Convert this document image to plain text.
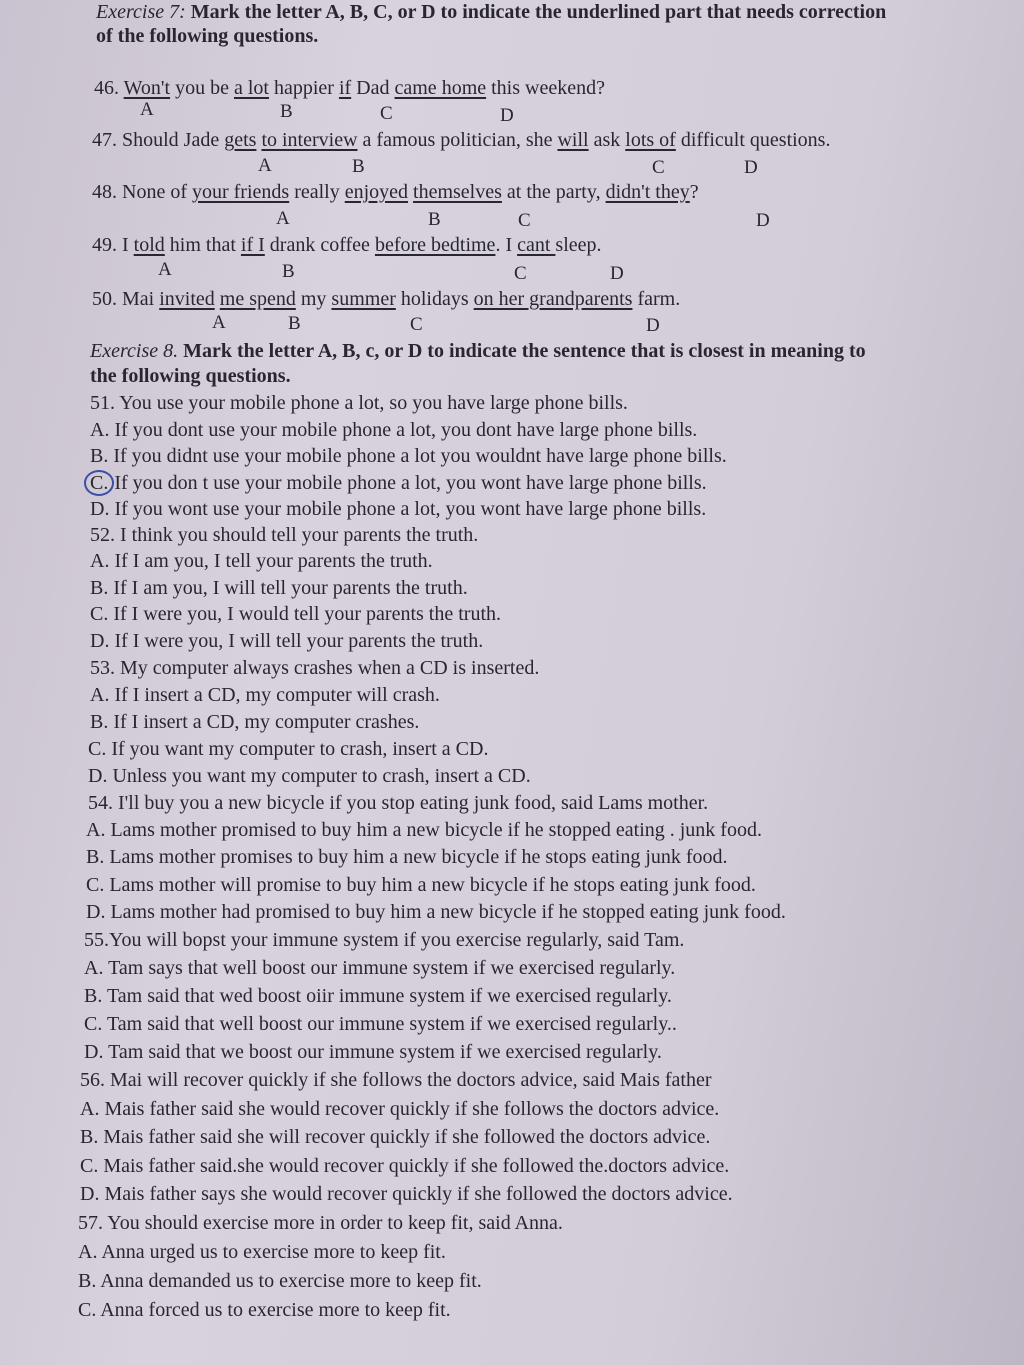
Exercise 7: Mark the letter A, B, C, or D to indicate the underlined part that needs correction
of the following questions.
46. Won't you be a lot happier if Dad came home this weekend?
A	B	C	D
47. Should Jade gets to interview a famous politician, she will ask lots of difficult questions.
A	B	C	D
48. None of your friends really enjoyed themselves at the party, didn't they?
A	B	C	D
49. I told him that if I drank coffee before bedtime. I cant sleep.
A	B	C	D
50. Mai invited me spend my summer holidays on her grandparents farm.
A	B	C	D
Exercise 8. Mark the letter A, B, c, or D to indicate the sentence that is closest in meaning to
the following questions.
51. You use your mobile phone a lot, so you have large phone bills.
A. If you dont use your mobile phone a lot, you dont have large phone bills.
B. If you didnt use your mobile phone a lot you wouldnt have large phone bills.
C. If you don t use your mobile phone a lot, you wont have large phone bills.
D. If you wont use your mobile phone a lot, you wont have large phone bills.
52. I think you should tell your parents the truth.
A. If I am you, I tell your parents the truth.
B. If I am you, I will tell your parents the truth.
C. If I were you, I would tell your parents the truth.
D. If I were you, I will tell your parents the truth.
53. My computer always crashes when a CD is inserted.
A. If I insert a CD, my computer will crash.
B. If I insert a CD, my computer crashes.
C. If you want my computer to crash, insert a CD.
D. Unless you want my computer to crash, insert a CD.
54. I'll buy you a new bicycle if you stop eating junk food, said Lams mother.
A. Lams mother promised to buy him a new bicycle if he stopped eating . junk food.
B. Lams mother promises to buy him a new bicycle if he stops eating junk food.
C. Lams mother will promise to buy him a new bicycle if he stops eating junk food.
D. Lams mother had promised to buy him a new bicycle if he stopped eating junk food.
55.You will bopst your immune system if you exercise regularly, said Tam.
A. Tam says that well boost our immune system if we exercised regularly.
B. Tam said that wed boost oiir immune system if we exercised regularly.
C. Tam said that well boost our immune system if we exercised regularly..
D. Tam said that we boost our immune system if we exercised regularly.
56. Mai will recover quickly if she follows the doctors advice, said Mais father
A. Mais father said she would recover quickly if she follows the doctors advice.
B. Mais father said she will recover quickly if she followed the doctors advice.
C. Mais father said.she would recover quickly if she followed the.doctors advice.
D. Mais father says she would recover quickly if she followed the doctors advice.
57. You should exercise more in order to keep fit, said Anna.
A. Anna urged us to exercise more to keep fit.
B. Anna demanded us to exercise more to keep fit.
C. Anna forced us to exercise more to keep fit.
